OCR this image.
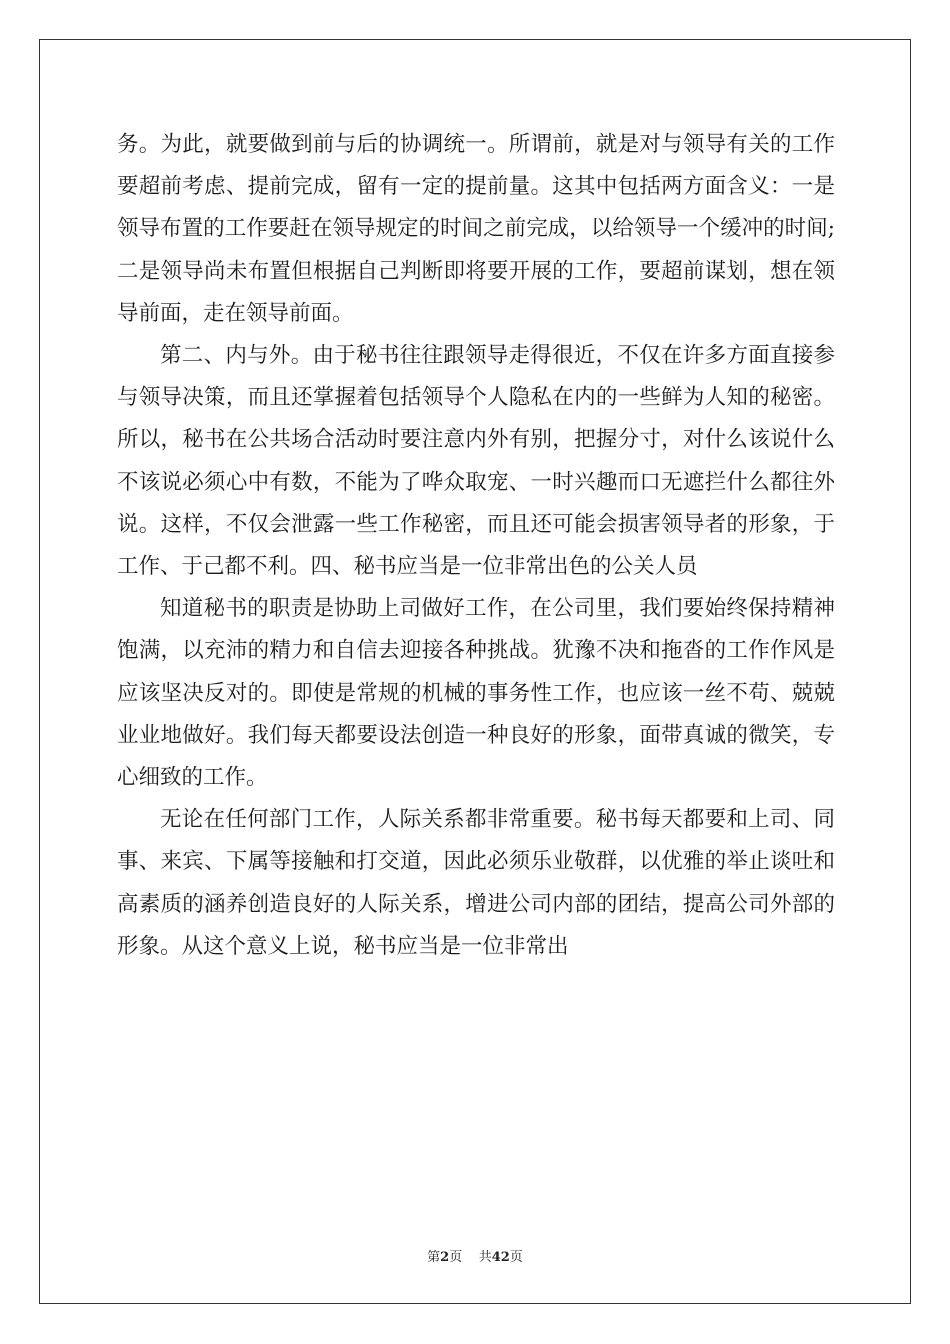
务。为此，就要做到前与后的协调统一。所谓前，就是对与领导有关的工作要超前考虑、提前完成，留有一定的提前量。这其中包括两方面含义：一是领导布置的工作要赶在领导规定的时间之前完成，以给领导一个缓冲的时间;二是领导尚未布置但根据自己判断即将要开展的工作，要超前谋划，想在领导前面，走在领导前面。

第二、内与外。由于秘书往往跟领导走得很近，不仅在许多方面直接参与领导决策，而且还掌握着包括领导个人隐私在内的一些鲜为人知的秘密。所以，秘书在公共场合活动时要注意内外有别，把握分寸，对什么该说什么不该说必须心中有数，不能为了哗众取宠、一时兴趣而口无遮拦什么都往外说。这样，不仅会泄露一些工作秘密，而且还可能会损害领导者的形象，于工作、于己都不利。四、秘书应当是一位非常出色的公关人员

知道秘书的职责是协助上司做好工作，在公司里，我们要始终保持精神饱满，以充沛的精力和自信去迎接各种挑战。犹豫不决和拖沓的工作作风是应该坚决反对的。即使是常规的机械的事务性工作，也应该一丝不苟、兢兢业业地做好。我们每天都要设法创造一种良好的形象，面带真诚的微笑，专心细致的工作。

无论在任何部门工作，人际关系都非常重要。秘书每天都要和上司、同事、来宾、下属等接触和打交道，因此必须乐业敬群，以优雅的举止谈吐和高素质的涵养创造良好的人际关系，增进公司内部的团结，提高公司外部的形象。从这个意义上说，秘书应当是一位非常出

第2页    共42页
